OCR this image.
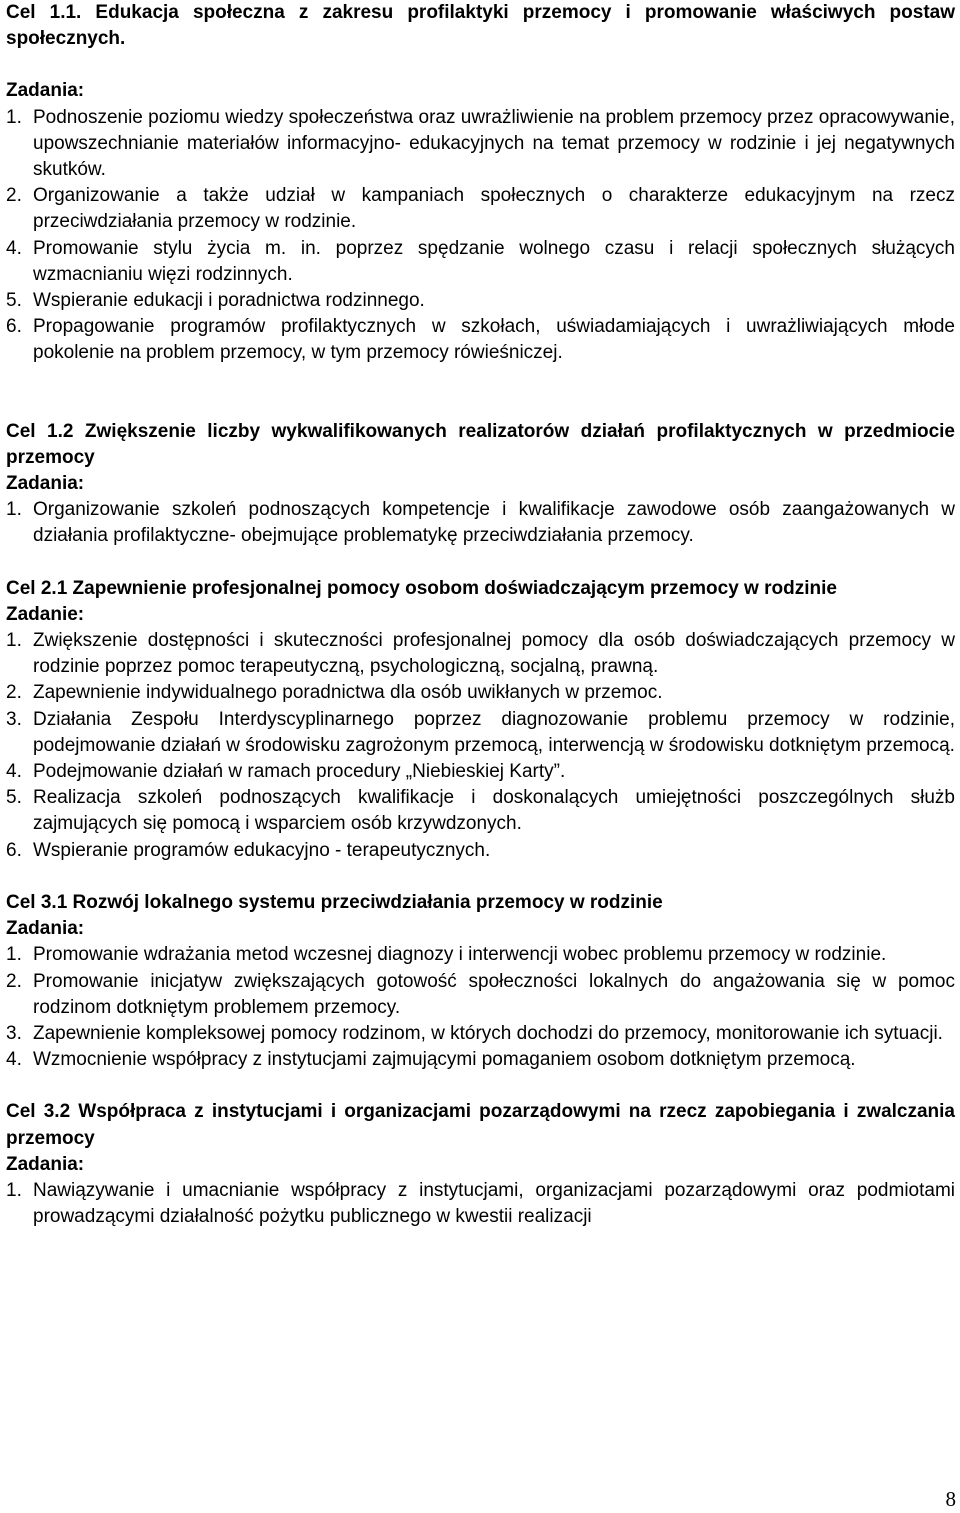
Cel 1.1. Edukacja społeczna z zakresu profilaktyki przemocy i promowanie właściwych postaw społecznych.

Zadania:

1. Podnoszenie poziomu wiedzy społeczeństwa oraz uwrażliwienie na problem przemocy przez opracowywanie, upowszechnianie materiałów informacyjno- edukacyjnych na temat przemocy w rodzinie i jej negatywnych skutków.
2. Organizowanie a także udział w kampaniach społecznych o charakterze edukacyjnym na rzecz przeciwdziałania przemocy w rodzinie.
4. Promowanie stylu życia m. in. poprzez spędzanie wolnego czasu i relacji społecznych służących wzmacnianiu więzi rodzinnych.
5. Wspieranie edukacji i poradnictwa rodzinnego.
6. Propagowanie programów profilaktycznych w szkołach, uświadamiających i uwrażliwiających młode pokolenie na problem przemocy, w tym przemocy rówieśniczej.

Cel 1.2 Zwiększenie liczby wykwalifikowanych realizatorów działań profilaktycznych w przedmiocie przemocy

Zadania:

1. Organizowanie szkoleń podnoszących kompetencje i kwalifikacje zawodowe osób zaangażowanych w działania profilaktyczne- obejmujące problematykę przeciwdziałania przemocy.

Cel 2.1 Zapewnienie profesjonalnej pomocy osobom doświadczającym przemocy w rodzinie

Zadanie:

1. Zwiększenie dostępności i skuteczności profesjonalnej pomocy dla osób doświadczających przemocy w rodzinie poprzez pomoc terapeutyczną, psychologiczną, socjalną, prawną.
2. Zapewnienie indywidualnego poradnictwa dla osób uwikłanych w przemoc.
3. Działania Zespołu Interdyscyplinarnego poprzez diagnozowanie problemu przemocy w rodzinie, podejmowanie działań w środowisku zagrożonym przemocą, interwencją w środowisku dotkniętym przemocą.
4. Podejmowanie działań w ramach procedury „Niebieskiej Karty”.
5. Realizacja szkoleń podnoszących kwalifikacje i doskonalących umiejętności poszczególnych służb zajmujących się pomocą i wsparciem osób krzywdzonych.
6. Wspieranie programów edukacyjno - terapeutycznych.

Cel 3.1 Rozwój lokalnego systemu przeciwdziałania przemocy w rodzinie

Zadania:

1. Promowanie wdrażania metod wczesnej diagnozy i interwencji wobec problemu przemocy w rodzinie.
2. Promowanie inicjatyw zwiększających gotowość społeczności lokalnych do angażowania się w pomoc rodzinom dotkniętym problemem przemocy.
3. Zapewnienie kompleksowej pomocy rodzinom, w których dochodzi do przemocy, monitorowanie ich sytuacji.
4. Wzmocnienie współpracy z instytucjami zajmującymi pomaganiem osobom dotkniętym przemocą.

Cel 3.2 Współpraca z instytucjami i organizacjami pozarządowymi na rzecz zapobiegania i zwalczania przemocy

Zadania:

1. Nawiązywanie i umacnianie współpracy z instytucjami, organizacjami pozarządowymi oraz podmiotami prowadzącymi działalność pożytku publicznego w kwestii realizacji
8
